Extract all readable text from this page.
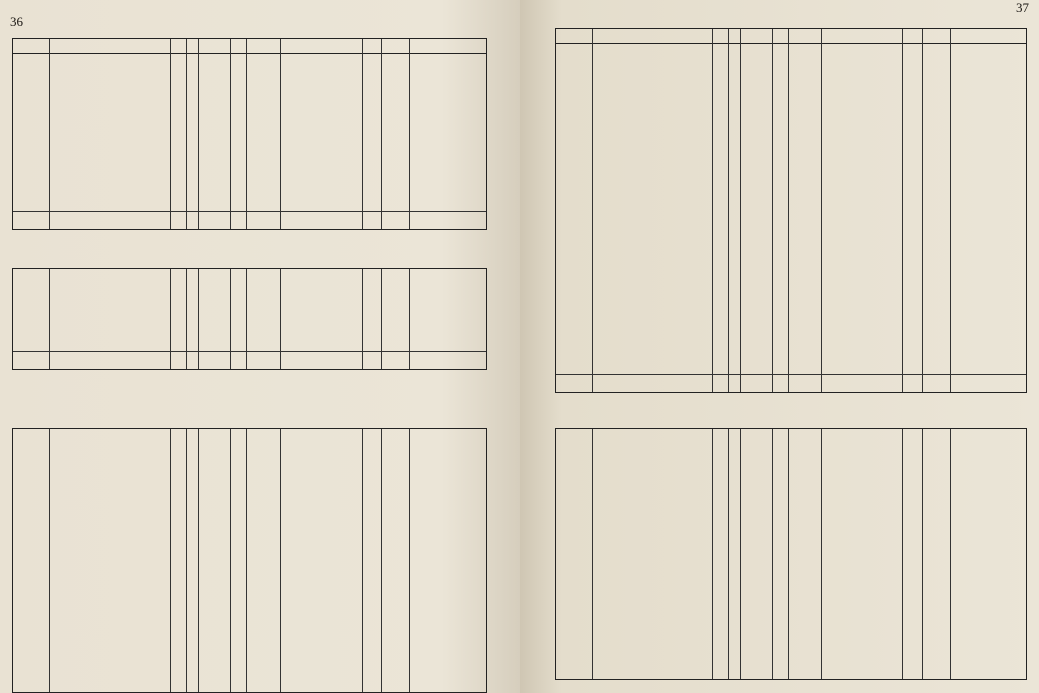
36
37
